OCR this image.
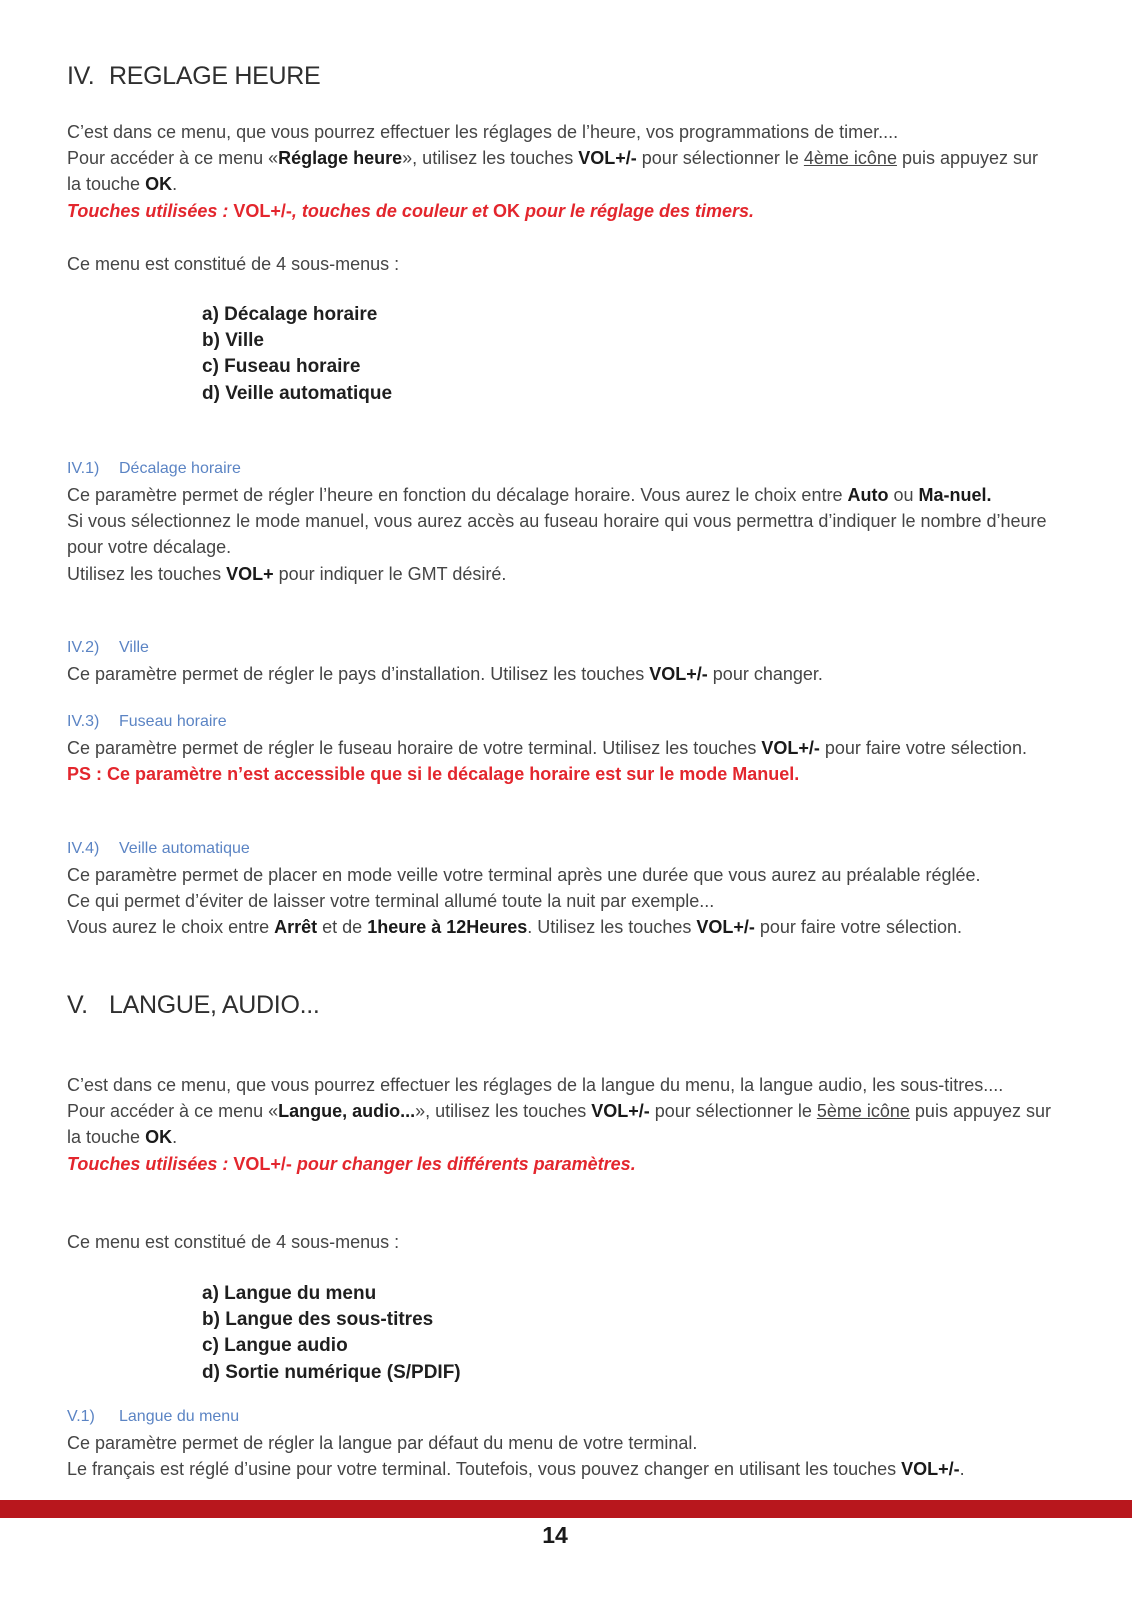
IV. REGLAGE HEURE

C’est dans ce menu, que vous pourrez effectuer les réglages de l’heure, vos programmations de timer....
Pour accéder à ce menu «Réglage heure», utilisez les touches VOL+/- pour sélectionner le 4ème icône puis appuyez sur la touche OK.
Touches utilisées : VOL+/-, touches de couleur et OK pour le réglage des timers.

Ce menu est constitué de 4 sous-menus :

a) Décalage horaire
b) Ville
c) Fuseau horaire
d) Veille automatique
IV.1) Décalage horaire

Ce paramètre permet de régler l’heure en fonction du décalage horaire. Vous aurez le choix entre Auto ou Ma-nuel.
Si vous sélectionnez le mode manuel, vous aurez accès au fuseau horaire qui vous permettra d’indiquer le nombre d’heure pour votre décalage.
Utilisez les touches VOL+ pour indiquer le GMT désiré.

IV.2) Ville

Ce paramètre permet de régler le pays d’installation. Utilisez les touches VOL+/- pour changer.

IV.3) Fuseau horaire

Ce paramètre permet de régler le fuseau horaire de votre terminal. Utilisez les touches VOL+/- pour faire votre sélection.
PS : Ce paramètre n’est accessible que si le décalage horaire est sur le mode Manuel.

IV.4) Veille automatique

Ce paramètre permet de placer en mode veille votre terminal après une durée que vous aurez au préalable réglée.
Ce qui permet d’éviter de laisser votre terminal allumé toute la nuit par exemple...
Vous aurez le choix entre Arrêt et de 1heure à 12Heures. Utilisez les touches VOL+/- pour faire votre sélection.

V. LANGUE, AUDIO...

C’est dans ce menu, que vous pourrez effectuer les réglages de la langue du menu, la langue audio, les sous-titres....
Pour accéder à ce menu «Langue, audio...», utilisez les touches VOL+/- pour sélectionner le 5ème icône puis appuyez sur la touche OK.
Touches utilisées : VOL+/- pour changer les différents paramètres.

Ce menu est constitué de 4 sous-menus :

a) Langue du menu
b) Langue des sous-titres
c) Langue audio
d) Sortie numérique (S/PDIF)
V.1) Langue du menu

Ce paramètre permet de régler la langue par défaut du menu de votre terminal.
Le français est réglé d’usine pour votre terminal. Toutefois, vous pouvez changer en utilisant les touches VOL+/-.

14
